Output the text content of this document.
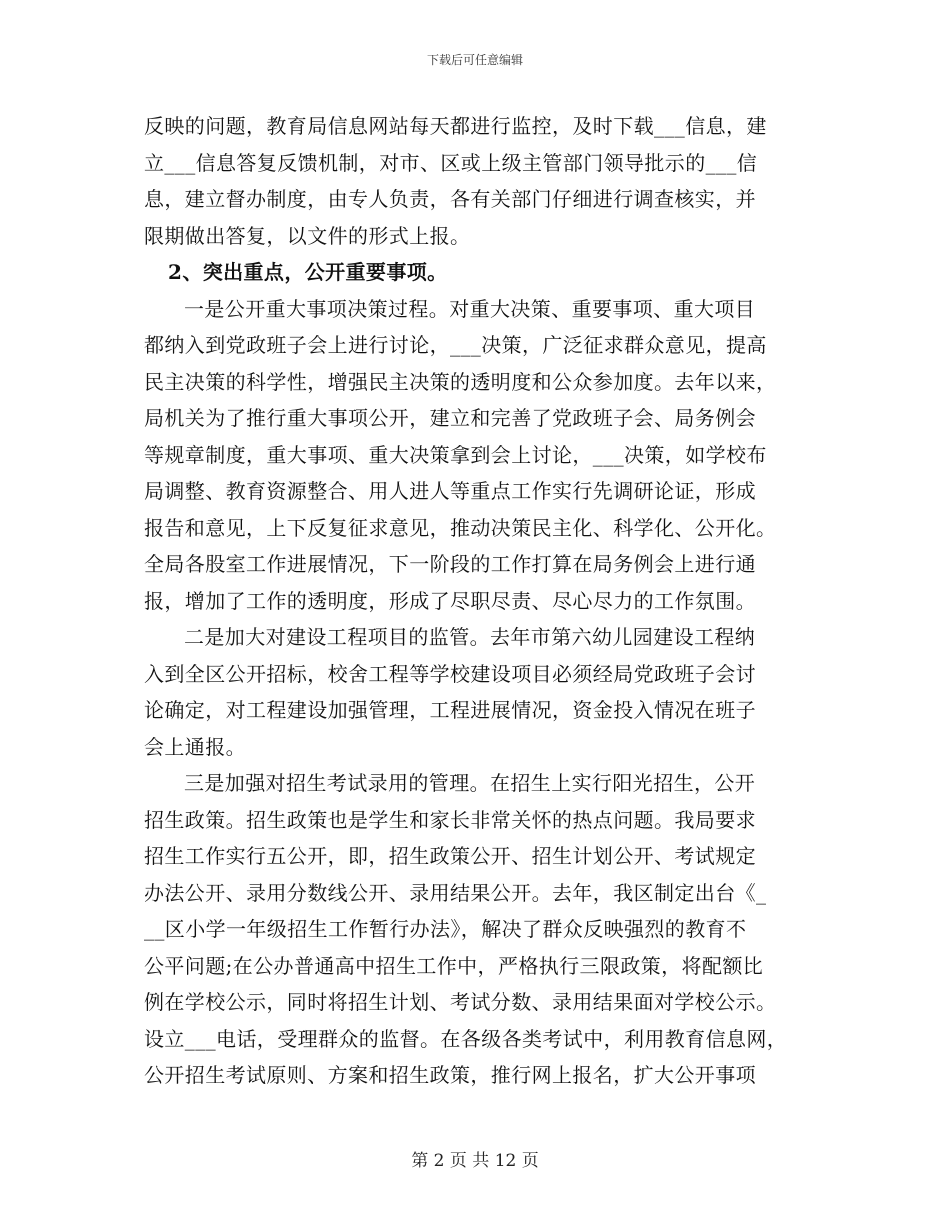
下载后可任意编辑
反映的问题，教育局信息网站每天都进行监控，及时下载___信息，建
立___信息答复反馈机制，对市、区或上级主管部门领导批示的___信
息，建立督办制度，由专人负责，各有关部门仔细进行调查核实，并
限期做出答复，以文件的形式上报。
2、突出重点，公开重要事项。
一是公开重大事项决策过程。对重大决策、重要事项、重大项目
都纳入到党政班子会上进行讨论，___决策，广泛征求群众意见，提高
民主决策的科学性，增强民主决策的透明度和公众参加度。去年以来，
局机关为了推行重大事项公开，建立和完善了党政班子会、局务例会
等规章制度，重大事项、重大决策拿到会上讨论，___决策，如学校布
局调整、教育资源整合、用人进人等重点工作实行先调研论证，形成
报告和意见，上下反复征求意见，推动决策民主化、科学化、公开化。
全局各股室工作进展情况，下一阶段的工作打算在局务例会上进行通
报，增加了工作的透明度，形成了尽职尽责、尽心尽力的工作氛围。
二是加大对建设工程项目的监管。去年市第六幼儿园建设工程纳
入到全区公开招标，校舍工程等学校建设项目必须经局党政班子会讨
论确定，对工程建设加强管理，工程进展情况，资金投入情况在班子
会上通报。
三是加强对招生考试录用的管理。在招生上实行阳光招生，公开
招生政策。招生政策也是学生和家长非常关怀的热点问题。我局要求
招生工作实行五公开，即，招生政策公开、招生计划公开、考试规定
办法公开、录用分数线公开、录用结果公开。去年，我区制定出台《_
__区小学一年级招生工作暂行办法》，解决了群众反映强烈的教育不
公平问题;在公办普通高中招生工作中，严格执行三限政策，将配额比
例在学校公示，同时将招生计划、考试分数、录用结果面对学校公示。
设立___电话，受理群众的监督。在各级各类考试中，利用教育信息网，
公开招生考试原则、方案和招生政策，推行网上报名，扩大公开事项
第 2 页 共 12 页
